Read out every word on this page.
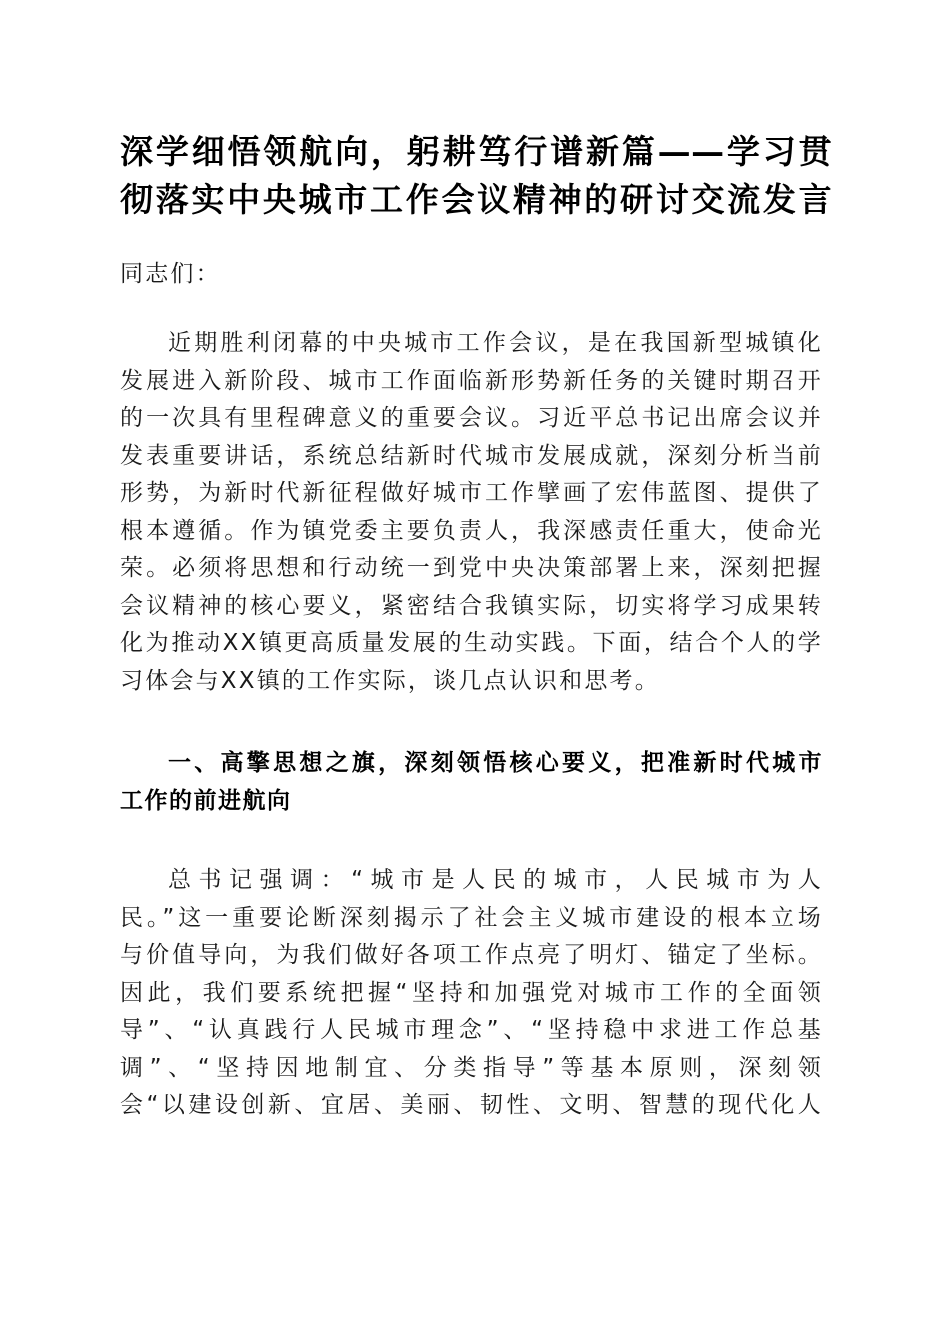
深学细悟领航向，躬耕笃行谱新篇——学习贯
彻落实中央城市工作会议精神的研讨交流发言
同志们：
近期胜利闭幕的中央城市工作会议，是在我国新型城镇化
发展进入新阶段、城市工作面临新形势新任务的关键时期召开
的一次具有里程碑意义的重要会议。习近平总书记出席会议并
发表重要讲话，系统总结新时代城市发展成就，深刻分析当前
形势，为新时代新征程做好城市工作擘画了宏伟蓝图、提供了
根本遵循。作为镇党委主要负责人，我深感责任重大，使命光
荣。必须将思想和行动统一到党中央决策部署上来，深刻把握
会议精神的核心要义，紧密结合我镇实际，切实将学习成果转
化为推动XX镇更高质量发展的生动实践。下面，结合个人的学
习体会与XX镇的工作实际，谈几点认识和思考。
一、高擎思想之旗，深刻领悟核心要义，把准新时代城市
工作的前进航向
总书记强调：“城市是人民的城市，人民城市为人
民。”这一重要论断深刻揭示了社会主义城市建设的根本立场
与价值导向，为我们做好各项工作点亮了明灯、锚定了坐标。
因此，我们要系统把握“坚持和加强党对城市工作的全面领
导”、“认真践行人民城市理念”、“坚持稳中求进工作总基
调”、“坚持因地制宜、分类指导”等基本原则，深刻领
会“以建设创新、宜居、美丽、韧性、文明、智慧的现代化人
